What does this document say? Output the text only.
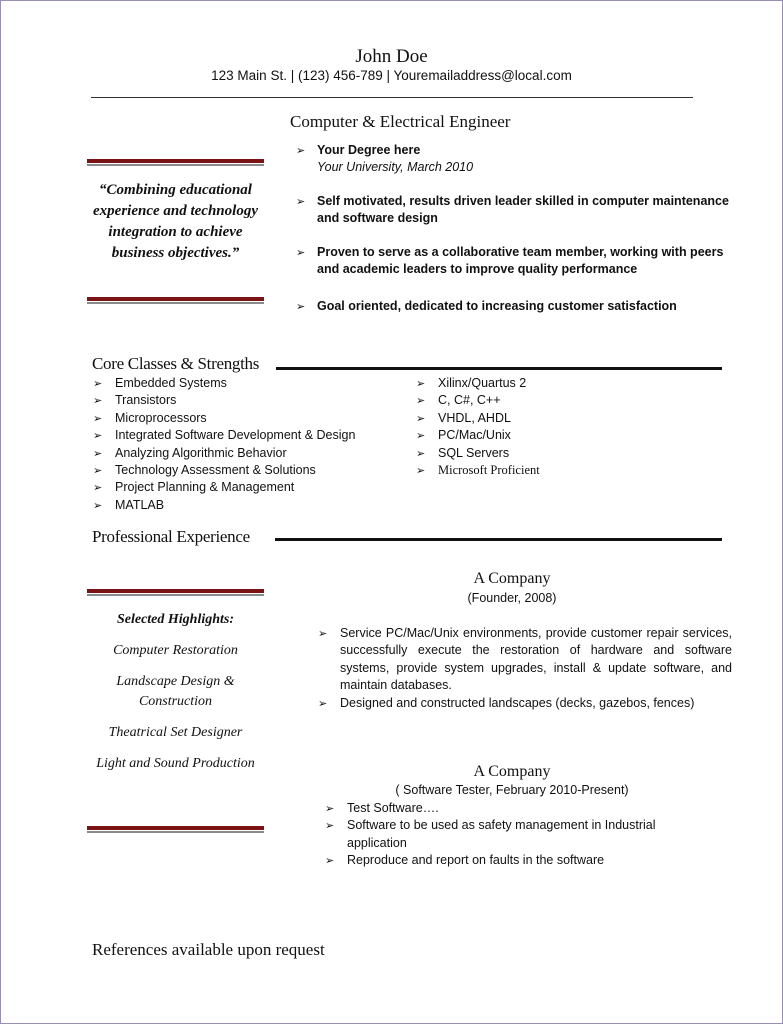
John Doe
123 Main St. | (123) 456-789 | Youremailaddress@local.com
Computer & Electrical Engineer
➢ Your Degree here
Your University, March 2010
➢ Self motivated, results driven leader skilled in computer maintenance and software design
➢ Proven to serve as a collaborative team member, working with peers and academic leaders to improve quality performance
➢ Goal oriented, dedicated to increasing customer satisfaction
“Combining educational experience and technology integration to achieve business objectives.”
Core Classes & Strengths
➢ Embedded Systems
➢ Transistors
➢ Microprocessors
➢ Integrated Software Development & Design
➢ Analyzing Algorithmic Behavior
➢ Technology Assessment & Solutions
➢ Project Planning & Management
➢ MATLAB
➢ Xilinx/Quartus 2
➢ C, C#, C++
➢ VHDL, AHDL
➢ PC/Mac/Unix
➢ SQL Servers
➢ Microsoft Proficient
Professional Experience
Selected Highlights:
Computer Restoration
Landscape Design & Construction
Theatrical Set Designer
Light and Sound Production
A Company
(Founder, 2008)
➢ Service PC/Mac/Unix environments, provide customer repair services, successfully execute the restoration of hardware and software systems, provide system upgrades, install & update software, and maintain databases.
➢ Designed and constructed landscapes (decks, gazebos, fences)
A Company
( Software Tester, February 2010-Present)
➢ Test Software….
➢ Software to be used as safety management in Industrial application
➢ Reproduce and report on faults in the software
References available upon request
